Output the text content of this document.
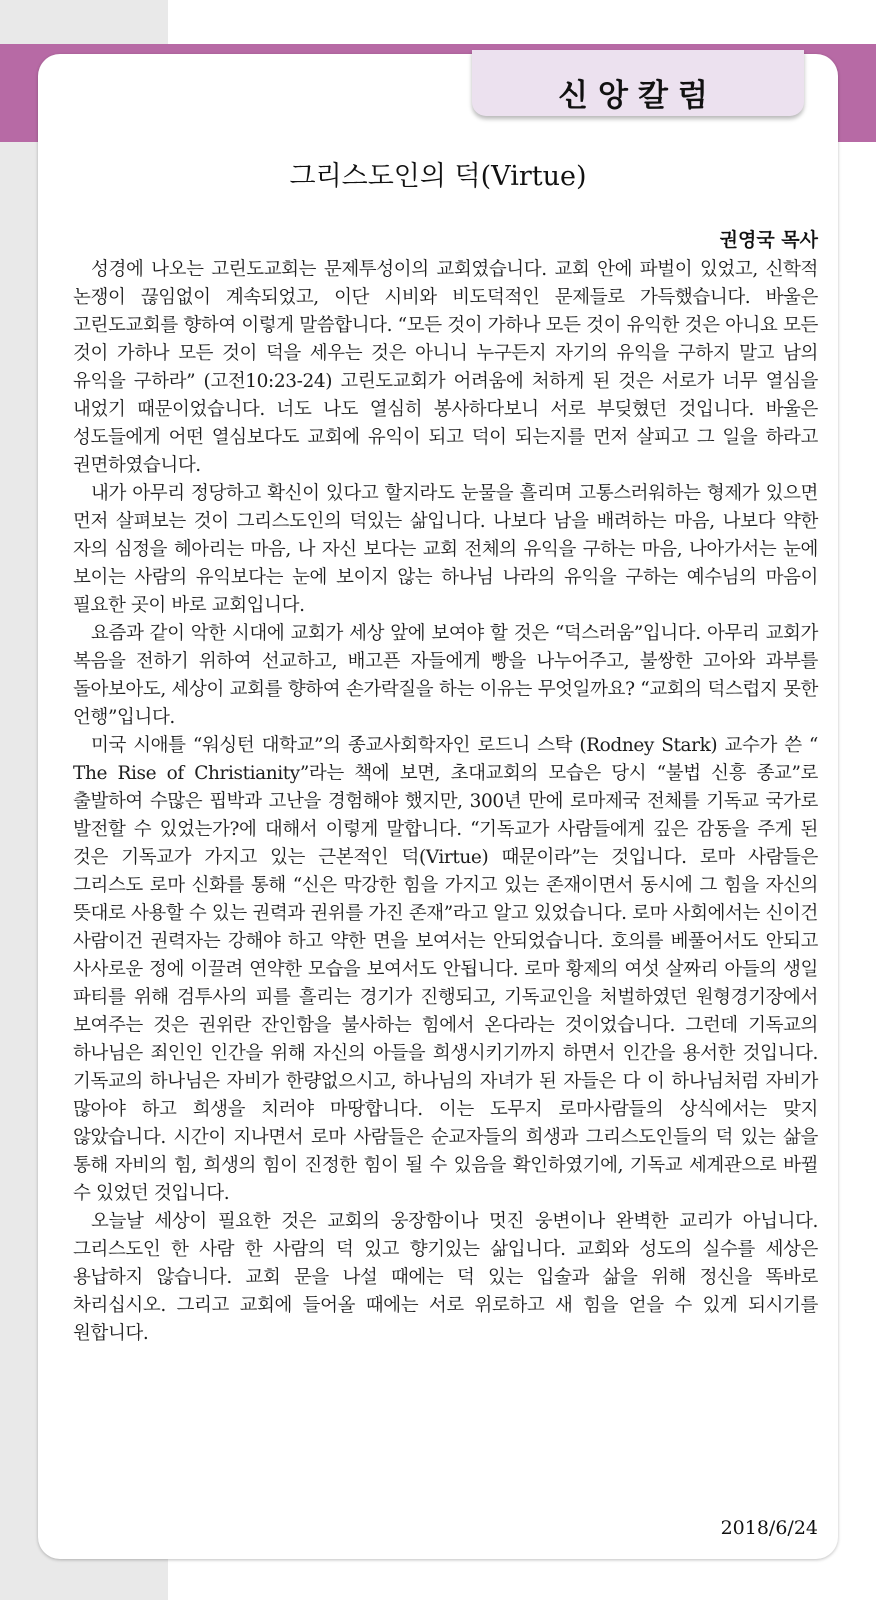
신앙칼럼
그리스도인의 덕(Virtue)
권영국 목사

성경에 나오는 고린도교회는 문제투성이의 교회였습니다. 교회 안에 파벌이 있었고, 신학적 논쟁이 끊임없이 계속되었고, 이단 시비와 비도덕적인 문제들로 가득했습니다. 바울은 고린도교회를 향하여 이렇게 말씀합니다. “모든 것이 가하나 모든 것이 유익한 것은 아니요 모든 것이 가하나 모든 것이 덕을 세우는 것은 아니니 누구든지 자기의 유익을 구하지 말고 남의 유익을 구하라” (고전10:23-24) 고린도교회가 어려움에 처하게 된 것은 서로가 너무 열심을 내었기 때문이었습니다. 너도 나도 열심히 봉사하다보니 서로 부딪혔던 것입니다. 바울은 성도들에게 어떤 열심보다도 교회에 유익이 되고 덕이 되는지를 먼저 살피고 그 일을 하라고 권면하였습니다.

내가 아무리 정당하고 확신이 있다고 할지라도 눈물을 흘리며 고통스러워하는 형제가 있으면 먼저 살펴보는 것이 그리스도인의 덕있는 삶입니다. 나보다 남을 배려하는 마음, 나보다 약한 자의 심정을 헤아리는 마음, 나 자신 보다는 교회 전체의 유익을 구하는 마음, 나아가서는 눈에 보이는 사람의 유익보다는 눈에 보이지 않는 하나님 나라의 유익을 구하는 예수님의 마음이 필요한 곳이 바로 교회입니다.

요즘과 같이 악한 시대에 교회가 세상 앞에 보여야 할 것은 “덕스러움”입니다. 아무리 교회가 복음을 전하기 위하여 선교하고, 배고픈 자들에게 빵을 나누어주고, 불쌍한 고아와 과부를 돌아보아도, 세상이 교회를 향하여 손가락질을 하는 이유는 무엇일까요? “교회의 덕스럽지 못한 언행”입니다.

미국 시애틀 “워싱턴 대학교”의 종교사회학자인 로드니 스탁 (Rodney Stark) 교수가 쓴 “ The Rise of Christianity”라는 책에 보면, 초대교회의 모습은 당시 “불법 신흥 종교”로 출발하여 수많은 핍박과 고난을 경험해야 했지만, 300년 만에 로마제국 전체를 기독교 국가로 발전할 수 있었는가?에 대해서 이렇게 말합니다. “기독교가 사람들에게 깊은 감동을 주게 된 것은 기독교가 가지고 있는 근본적인 덕(Virtue) 때문이라”는 것입니다. 로마 사람들은 그리스도 로마 신화를 통해 “신은 막강한 힘을 가지고 있는 존재이면서 동시에 그 힘을 자신의 뜻대로 사용할 수 있는 권력과 권위를 가진 존재”라고 알고 있었습니다. 로마 사회에서는 신이건 사람이건 권력자는 강해야 하고 약한 면을 보여서는 안되었습니다. 호의를 베풀어서도 안되고 사사로운 정에 이끌려 연약한 모습을 보여서도 안됩니다. 로마 황제의 여섯 살짜리 아들의 생일 파티를 위해 검투사의 피를 흘리는 경기가 진행되고, 기독교인을 처벌하였던 원형경기장에서 보여주는 것은 권위란 잔인함을 불사하는 힘에서 온다라는 것이었습니다. 그런데 기독교의 하나님은 죄인인 인간을 위해 자신의 아들을 희생시키기까지 하면서 인간을 용서한 것입니다. 기독교의 하나님은 자비가 한량없으시고, 하나님의 자녀가 된 자들은 다 이 하나님처럼 자비가 많아야 하고 희생을 치러야 마땅합니다. 이는 도무지 로마사람들의 상식에서는 맞지 않았습니다. 시간이 지나면서 로마 사람들은 순교자들의 희생과 그리스도인들의 덕 있는 삶을 통해 자비의 힘, 희생의 힘이 진정한 힘이 될 수 있음을 확인하였기에, 기독교 세계관으로 바뀔 수 있었던 것입니다.

오늘날 세상이 필요한 것은 교회의 웅장함이나 멋진 웅변이나 완벽한 교리가 아닙니다. 그리스도인 한 사람 한 사람의 덕 있고 향기있는 삶입니다. 교회와 성도의 실수를 세상은 용납하지 않습니다. 교회 문을 나설 때에는 덕 있는 입술과 삶을 위해 정신을 똑바로 차리십시오. 그리고 교회에 들어올 때에는 서로 위로하고 새 힘을 얻을 수 있게 되시기를 원합니다.

2018/6/24
